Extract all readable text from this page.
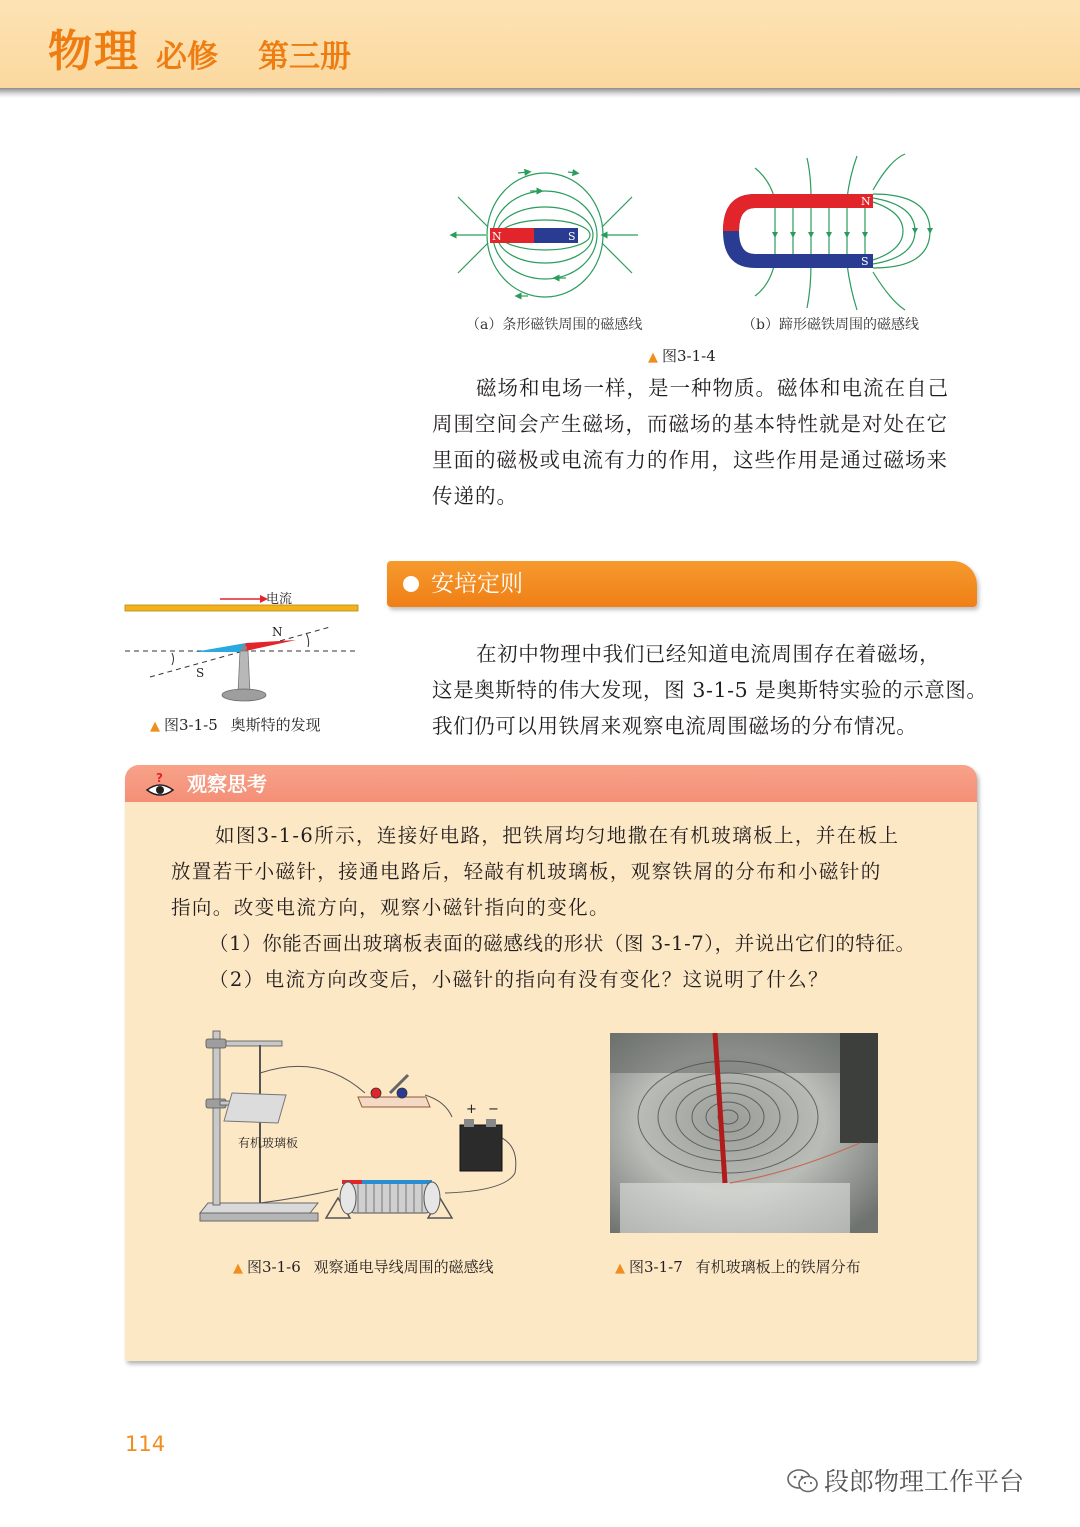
物理 必修 第三册
N	S
N
S
（a）条形磁铁周围的磁感线	（b）蹄形磁铁周围的磁感线
▲ 图3-1-4
磁场和电场一样，是一种物质。磁体和电流在自己
周围空间会产生磁场，而磁场的基本特性就是对处在它
里面的磁极或电流有力的作用，这些作用是通过磁场来
传递的。
安培定则
电流
N
S
▲ 图3-1-5 奥斯特的发现
在初中物理中我们已经知道电流周围存在着磁场，
这是奥斯特的伟大发现，图 3-1-5 是奥斯特实验的示意图。
我们仍可以用铁屑来观察电流周围磁场的分布情况。
? 观察思考
如图3-1-6所示，连接好电路，把铁屑均匀地撒在有机玻璃板上，并在板上
放置若干小磁针，接通电路后，轻敲有机玻璃板，观察铁屑的分布和小磁针的
指向。改变电流方向，观察小磁针指向的变化。
（1）你能否画出玻璃板表面的磁感线的形状（图 3-1-7），并说出它们的特征。
（2）电流方向改变后，小磁针的指向有没有变化？这说明了什么？
有机玻璃板
+ −
▲ 图3-1-6 观察通电导线周围的磁感线	▲ 图3-1-7 有机玻璃板上的铁屑分布
114
段郎物理工作平台
